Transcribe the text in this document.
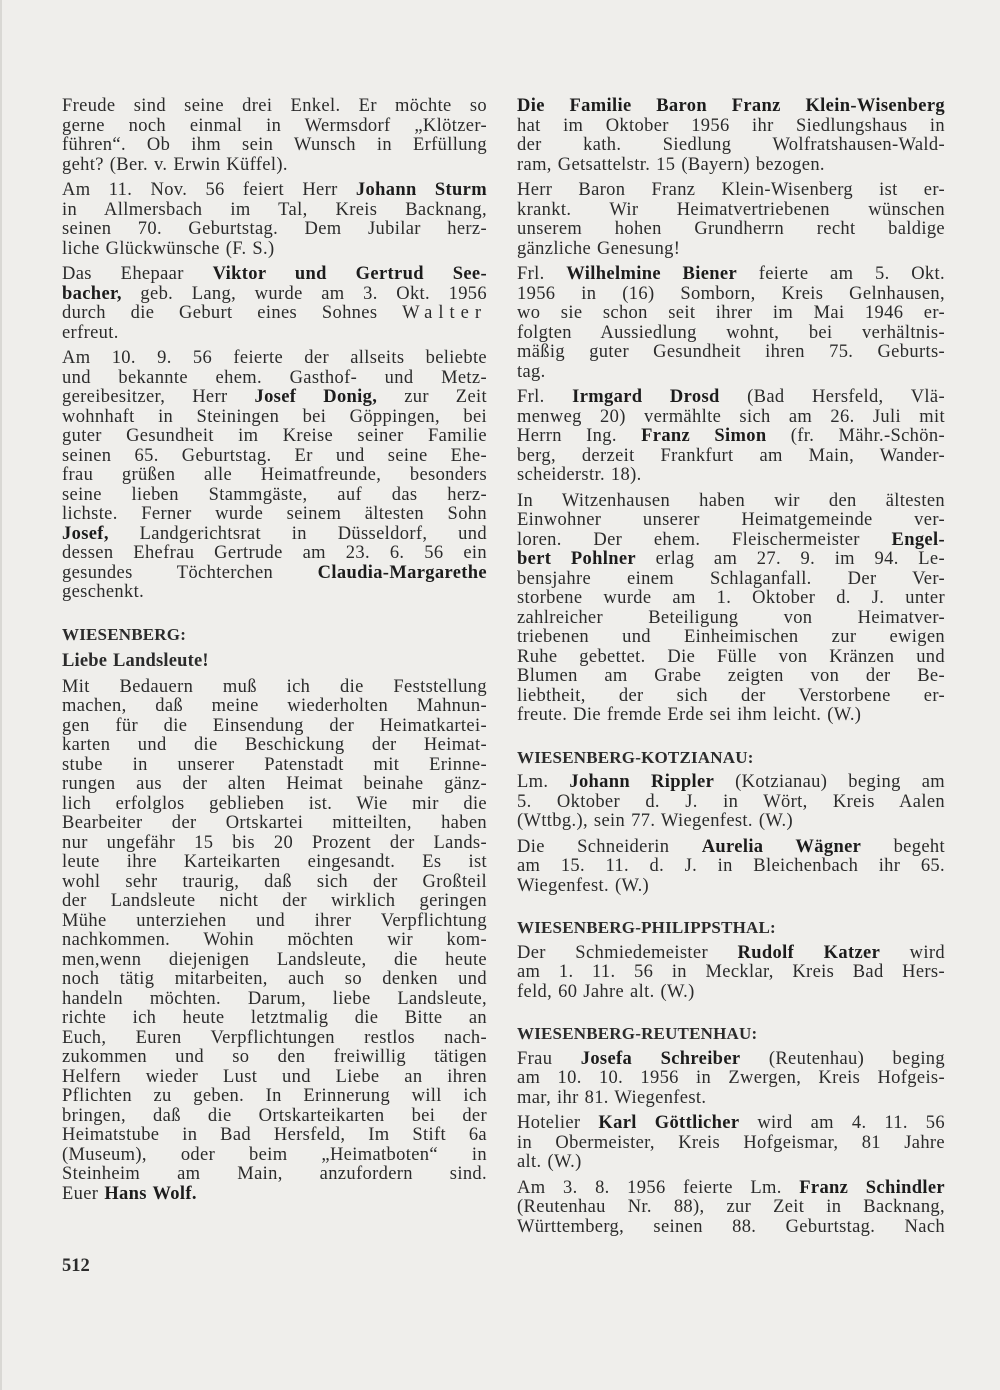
Freude sind seine drei Enkel. Er möchte so
gerne noch einmal in Wermsdorf „Klötzer-
führen“. Ob ihm sein Wunsch in Erfüllung
geht? (Ber. v. Erwin Küffel).
Am 11. Nov. 56 feiert Herr Johann Sturm
in Allmersbach im Tal, Kreis Backnang,
seinen 70. Geburtstag. Dem Jubilar herz-
liche Glückwünsche (F. S.)
Das Ehepaar Viktor und Gertrud See-
bacher, geb. Lang, wurde am 3. Okt. 1956
durch die Geburt eines Sohnes Walter
erfreut.
Am 10. 9. 56 feierte der allseits beliebte
und bekannte ehem. Gasthof- und Metz-
gereibesitzer, Herr Josef Donig, zur Zeit
wohnhaft in Steiningen bei Göppingen, bei
guter Gesundheit im Kreise seiner Familie
seinen 65. Geburtstag. Er und seine Ehe-
frau grüßen alle Heimatfreunde, besonders
seine lieben Stammgäste, auf das herz-
lichste. Ferner wurde seinem ältesten Sohn
Josef, Landgerichtsrat in Düsseldorf, und
dessen Ehefrau Gertrude am 23. 6. 56 ein
gesundes Töchterchen Claudia-Margarethe
geschenkt.
WIESENBERG:
Liebe Landsleute!
Mit Bedauern muß ich die Feststellung
machen, daß meine wiederholten Mahnun-
gen für die Einsendung der Heimatkartei-
karten und die Beschickung der Heimat-
stube in unserer Patenstadt mit Erinne-
rungen aus der alten Heimat beinahe gänz-
lich erfolglos geblieben ist. Wie mir die
Bearbeiter der Ortskartei mitteilten, haben
nur ungefähr 15 bis 20 Prozent der Lands-
leute ihre Karteikarten eingesandt. Es ist
wohl sehr traurig, daß sich der Großteil
der Landsleute nicht der wirklich geringen
Mühe unterziehen und ihrer Verpflichtung
nachkommen. Wohin möchten wir kom-
men,wenn diejenigen Landsleute, die heute
noch tätig mitarbeiten, auch so denken und
handeln möchten. Darum, liebe Landsleute,
richte ich heute letztmalig die Bitte an
Euch, Euren Verpflichtungen restlos nach-
zukommen und so den freiwillig tätigen
Helfern wieder Lust und Liebe an ihren
Pflichten zu geben. In Erinnerung will ich
bringen, daß die Ortskarteikarten bei der
Heimatstube in Bad Hersfeld, Im Stift 6a
(Museum), oder beim „Heimatboten“ in
Steinheim am Main, anzufordern sind.
Euer Hans Wolf.
Die Familie Baron Franz Klein-Wisenberg
hat im Oktober 1956 ihr Siedlungshaus in
der kath. Siedlung Wolfratshausen-Wald-
ram, Getsattelstr. 15 (Bayern) bezogen.
Herr Baron Franz Klein-Wisenberg ist er-
krankt. Wir Heimatvertriebenen wünschen
unserem hohen Grundherrn recht baldige
gänzliche Genesung!
Frl. Wilhelmine Biener feierte am 5. Okt.
1956 in (16) Somborn, Kreis Gelnhausen,
wo sie schon seit ihrer im Mai 1946 er-
folgten Aussiedlung wohnt, bei verhältnis-
mäßig guter Gesundheit ihren 75. Geburts-
tag.
Frl. Irmgard Drosd (Bad Hersfeld, Vlä-
menweg 20) vermählte sich am 26. Juli mit
Herrn Ing. Franz Simon (fr. Mähr.-Schön-
berg, derzeit Frankfurt am Main, Wander-
scheiderstr. 18).
In Witzenhausen haben wir den ältesten
Einwohner unserer Heimatgemeinde ver-
loren. Der ehem. Fleischermeister Engel-
bert Pohlner erlag am 27. 9. im 94. Le-
bensjahre einem Schlaganfall. Der Ver-
storbene wurde am 1. Oktober d. J. unter
zahlreicher Beteiligung von Heimatver-
triebenen und Einheimischen zur ewigen
Ruhe gebettet. Die Fülle von Kränzen und
Blumen am Grabe zeigten von der Be-
liebtheit, der sich der Verstorbene er-
freute. Die fremde Erde sei ihm leicht. (W.)
WIESENBERG-KOTZIANAU:
Lm. Johann Rippler (Kotzianau) beging am
5. Oktober d. J. in Wört, Kreis Aalen
(Wttbg.), sein 77. Wiegenfest. (W.)
Die Schneiderin Aurelia Wägner begeht
am 15. 11. d. J. in Bleichenbach ihr 65.
Wiegenfest. (W.)
WIESENBERG-PHILIPPSTHAL:
Der Schmiedemeister Rudolf Katzer wird
am 1. 11. 56 in Mecklar, Kreis Bad Hers-
feld, 60 Jahre alt. (W.)
WIESENBERG-REUTENHAU:
Frau Josefa Schreiber (Reutenhau) beging
am 10. 10. 1956 in Zwergen, Kreis Hofgeis-
mar, ihr 81. Wiegenfest.
Hotelier Karl Göttlicher wird am 4. 11. 56
in Obermeister, Kreis Hofgeismar, 81 Jahre
alt. (W.)
Am 3. 8. 1956 feierte Lm. Franz Schindler
(Reutenhau Nr. 88), zur Zeit in Backnang,
Württemberg, seinen 88. Geburtstag. Nach
512
